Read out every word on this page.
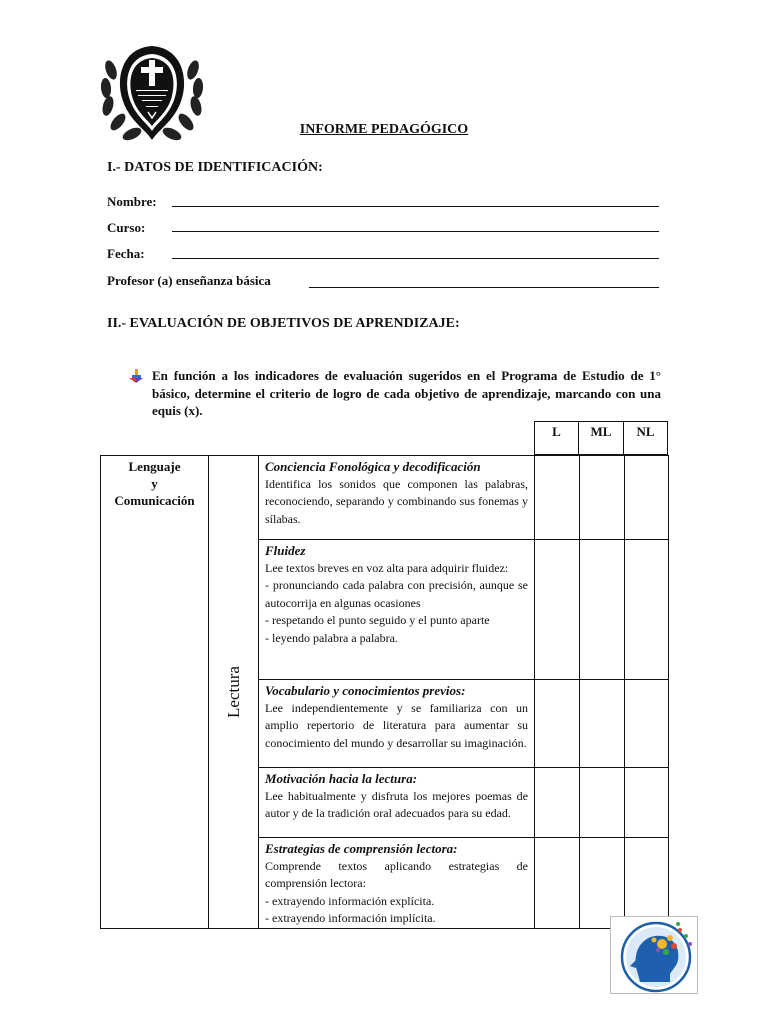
INFORME PEDAGÓGICO
I.- DATOS DE IDENTIFICACIÓN:
Nombre:
Curso:
Fecha:
Profesor (a) enseñanza básica
II.- EVALUACIÓN DE OBJETIVOS DE APRENDIZAJE:
En función a los indicadores de evaluación sugeridos en el Programa de Estudio de 1° básico, determine el criterio de logro de cada objetivo de aprendizaje, marcando con una equis (x).
L	ML	NL
Lenguaje
y
Comunicación	Lectura	Conciencia Fonológica y decodificación
Identifica los sonidos que componen las palabras, reconociendo, separando y combinando sus fonemas y sílabas.			

		Fluidez
Lee textos breves en voz alta para adquirir fluidez:
- pronunciando cada palabra con precisión, aunque se autocorrija en algunas ocasiones
- respetando el punto seguido y el punto aparte
- leyendo palabra a palabra.			

		Vocabulario y conocimientos previos:
Lee independientemente y se familiariza con un amplio repertorio de literatura para aumentar su conocimiento del mundo y desarrollar su imaginación.			

		Motivación hacia la lectura:
Lee habitualmente y disfruta los mejores poemas de autor y de la tradición oral adecuados para su edad.			

		Estrategias de comprensión lectora:
Comprende textos aplicando estrategias de comprensión lectora:
- extrayendo información explícita.
- extrayendo información implícita.			
